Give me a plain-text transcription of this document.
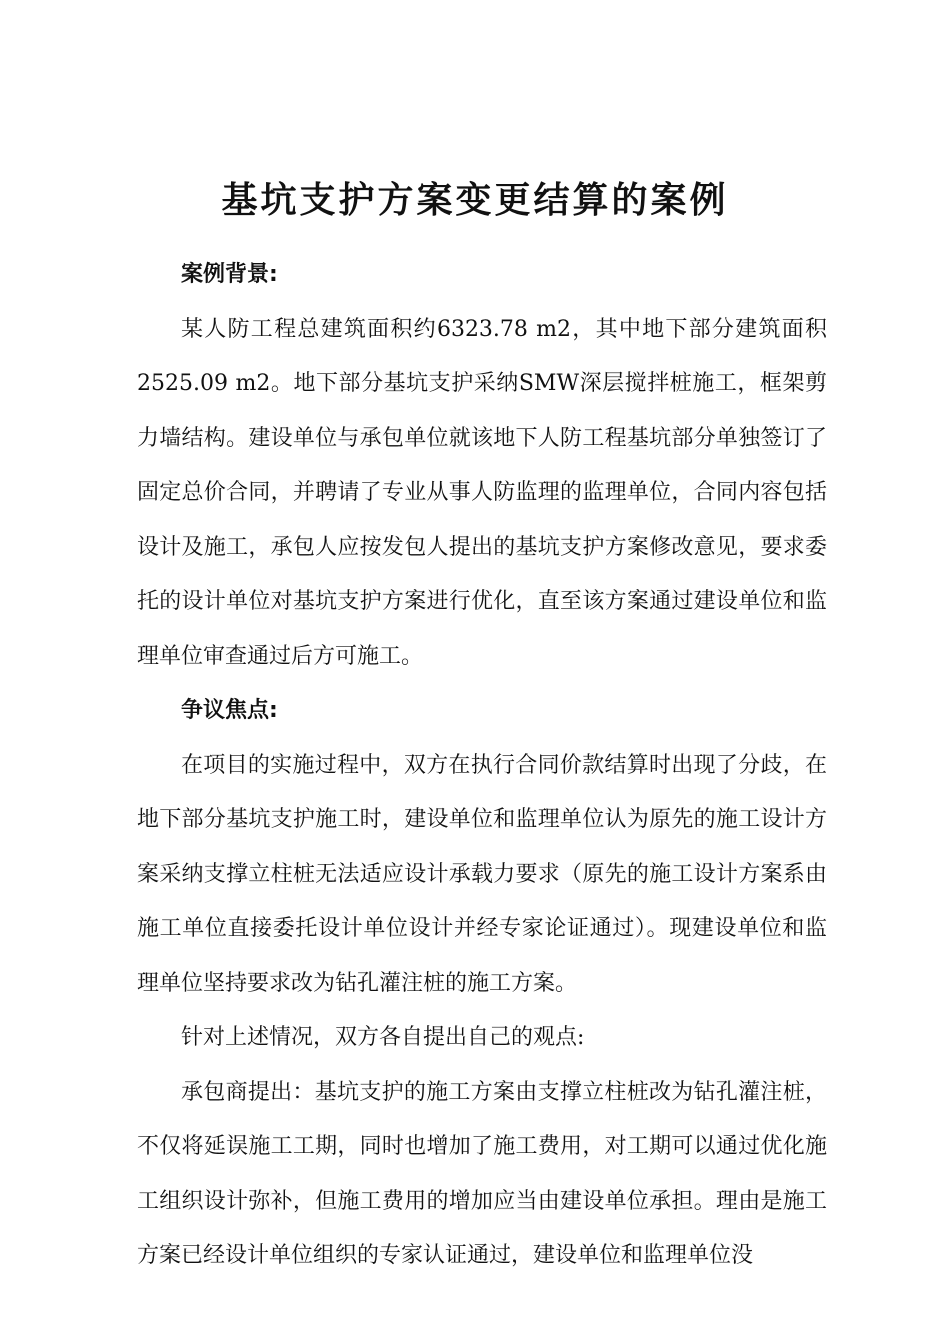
基坑支护方案变更结算的案例

案例背景:

某人防工程总建筑面积约6323.78 m2，其中地下部分建筑面积2525.09 m2。地下部分基坑支护采纳SMW深层搅拌桩施工，框架剪力墙结构。建设单位与承包单位就该地下人防工程基坑部分单独签订了固定总价合同，并聘请了专业从事人防监理的监理单位，合同内容包括设计及施工，承包人应按发包人提出的基坑支护方案修改意见，要求委托的设计单位对基坑支护方案进行优化，直至该方案通过建设单位和监理单位审查通过后方可施工。

争议焦点:

在项目的实施过程中，双方在执行合同价款结算时出现了分歧，在地下部分基坑支护施工时，建设单位和监理单位认为原先的施工设计方案采纳支撑立柱桩无法适应设计承载力要求（原先的施工设计方案系由施工单位直接委托设计单位设计并经专家论证通过）。现建设单位和监理单位坚持要求改为钻孔灌注桩的施工方案。

针对上述情况，双方各自提出自己的观点:

承包商提出：基坑支护的施工方案由支撑立柱桩改为钻孔灌注桩，不仅将延误施工工期，同时也增加了施工费用，对工期可以通过优化施工组织设计弥补，但施工费用的增加应当由建设单位承担。理由是施工方案已经设计单位组织的专家认证通过，建设单位和监理单位没
